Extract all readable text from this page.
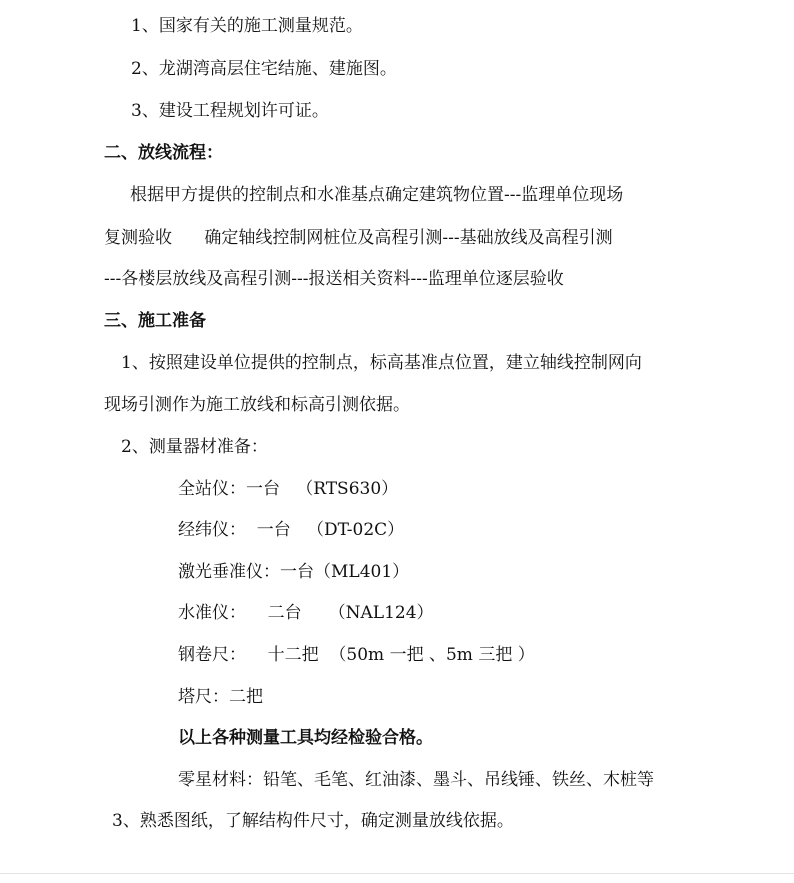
1、国家有关的施工测量规范。
2、龙湖湾高层住宅结施、建施图。
3、建设工程规划许可证。
二、放线流程：
根据甲方提供的控制点和水准基点确定建筑物位置---监理单位现场
复测验收      确定轴线控制网桩位及高程引测---基础放线及高程引测
---各楼层放线及高程引测---报送相关资料---监理单位逐层验收
三、施工准备
1、按照建设单位提供的控制点，标高基准点位置，建立轴线控制网向
现场引测作为施工放线和标高引测依据。
2、测量器材准备：
全站仪：一台   （RTS630）
经纬仪：  一台   （DT-02C）
激光垂准仪：一台（ML401）
水准仪：    二台     （NAL124）
钢卷尺：    十二把  （50m 一把 、5m 三把 ）
塔尺：二把
以上各种测量工具均经检验合格。
零星材料：铅笔、毛笔、红油漆、墨斗、吊线锤、铁丝、木桩等
3、熟悉图纸，了解结构件尺寸，确定测量放线依据。
